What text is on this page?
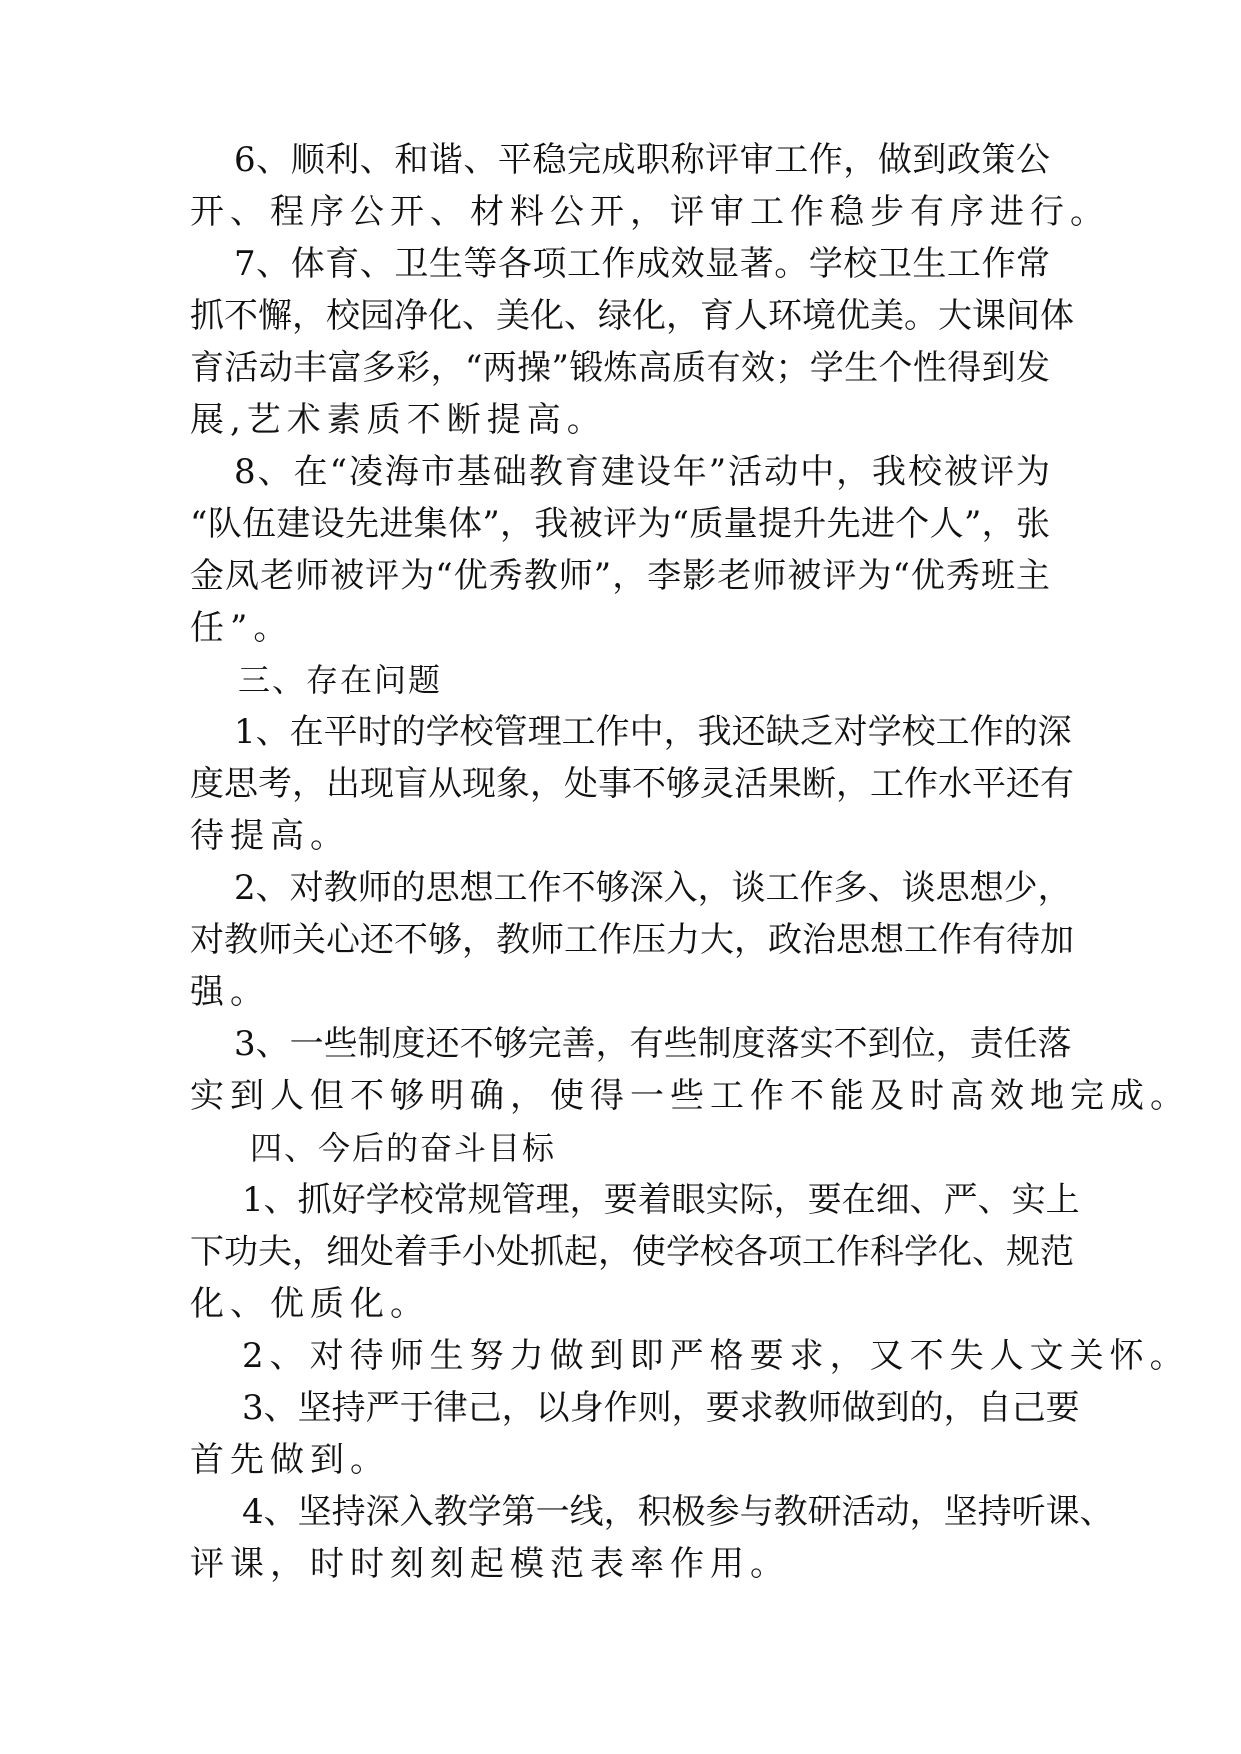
6、顺利、和谐、平稳完成职称评审工作，做到政策公
开、程序公开、材料公开，评审工作稳步有序进行。
7、体育、卫生等各项工作成效显著。学校卫生工作常
抓不懈，校园净化、美化、绿化，育人环境优美。大课间体
育活动丰富多彩，“两操”锻炼高质有效；学生个性得到发
展,艺术素质不断提高。
8、在“凌海市基础教育建设年”活动中，我校被评为
“队伍建设先进集体”，我被评为“质量提升先进个人”，张
金凤老师被评为“优秀教师”，李影老师被评为“优秀班主
任”。
三、存在问题
1、在平时的学校管理工作中，我还缺乏对学校工作的深
度思考，出现盲从现象，处事不够灵活果断，工作水平还有
待提高。
2、对教师的思想工作不够深入，谈工作多、谈思想少，
对教师关心还不够，教师工作压力大，政治思想工作有待加
强。
3、一些制度还不够完善，有些制度落实不到位，责任落
实到人但不够明确，使得一些工作不能及时高效地完成。
四、今后的奋斗目标
1、抓好学校常规管理，要着眼实际，要在细、严、实上
下功夫，细处着手小处抓起，使学校各项工作科学化、规范
化、优质化。
2、对待师生努力做到即严格要求，又不失人文关怀。
3、坚持严于律己，以身作则，要求教师做到的，自己要
首先做到。
4、坚持深入教学第一线，积极参与教研活动，坚持听课、
评课，时时刻刻起模范表率作用。
